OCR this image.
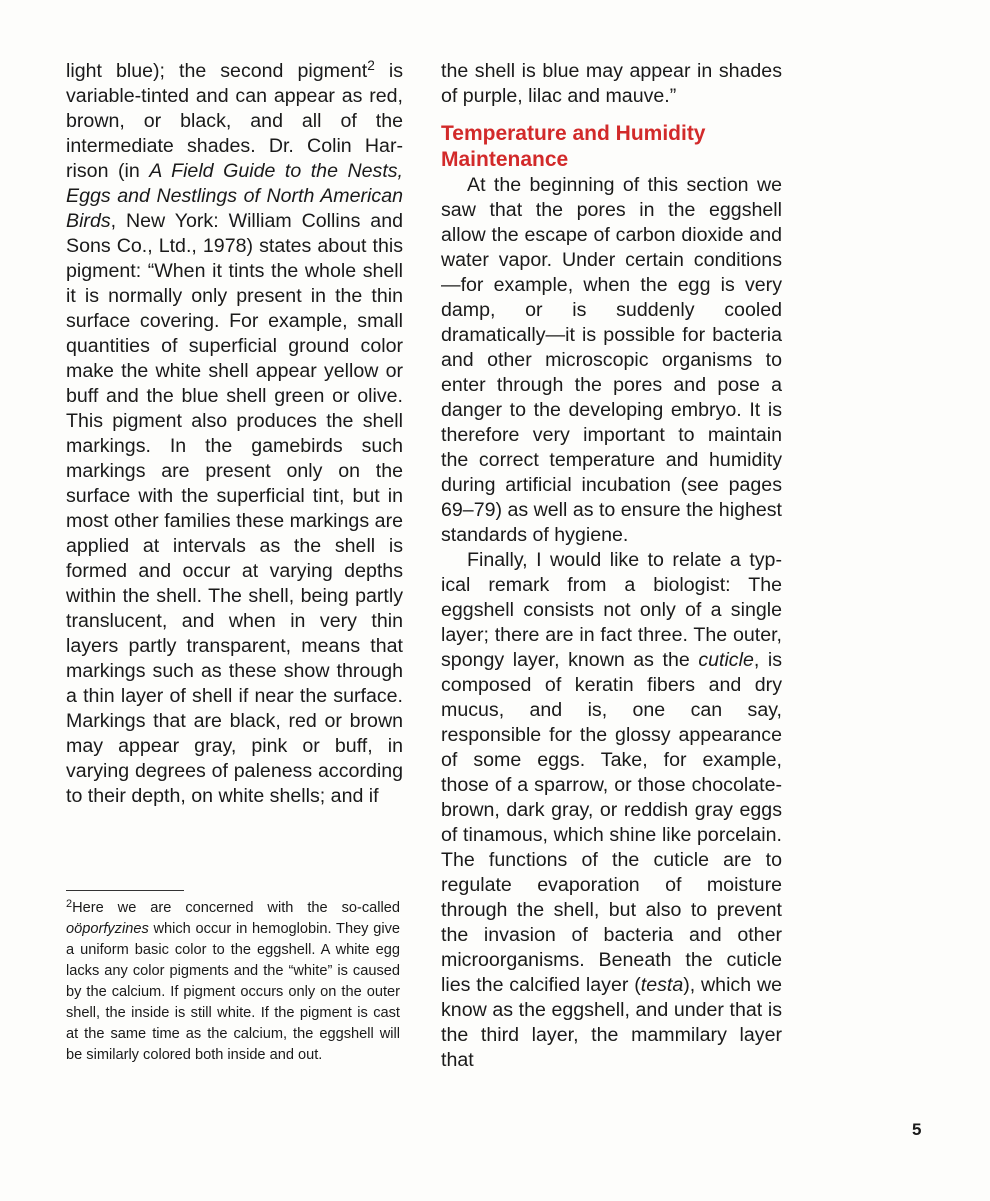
light blue); the second pigment$^2$ is variable-tinted and can appear as red, brown, or black, and all of the intermediate shades. Dr. Colin Harrison (in A Field Guide to the Nests, Eggs and Nestlings of North American Birds, New York: William Collins and Sons Co., Ltd., 1978) states about this pigment: “When it tints the whole shell it is normally only present in the thin surface covering. For example, small quantities of superficial ground color make the white shell appear yellow or buff and the blue shell green or olive. This pigment also produces the shell markings. In the gamebirds such markings are present only on the surface with the superficial tint, but in most other families these markings are applied at intervals as the shell is formed and occur at varying depths within the shell. The shell, being partly translucent, and when in very thin layers partly transparent, means that markings such as these show through a thin layer of shell if near the surface. Markings that are black, red or brown may appear gray, pink or buff, in varying degrees of paleness according to their depth, on white shells; and if

$^2$Here we are concerned with the so-called oöporfyzines which occur in hemoglobin. They give a uniform basic color to the eggshell. A white egg lacks any color pigments and the “white” is caused by the calcium. If pigment occurs only on the outer shell, the inside is still white. If the pigment is cast at the same time as the calcium, the eggshell will be similarly colored both inside and out.

the shell is blue may appear in shades of purple, lilac and mauve.”

Temperature and Humidity Maintenance

At the beginning of this section we saw that the pores in the eggshell allow the escape of carbon dioxide and water vapor. Under certain conditions—for example, when the egg is very damp, or is suddenly cooled dramatically—it is possible for bacteria and other microscopic organisms to enter through the pores and pose a danger to the developing embryo. It is therefore very important to maintain the correct temperature and humidity during artificial incubation (see pages 69–79) as well as to ensure the highest standards of hygiene.

Finally, I would like to relate a typical remark from a biologist: The eggshell consists not only of a single layer; there are in fact three. The outer, spongy layer, known as the cuticle, is composed of keratin fibers and dry mucus, and is, one can say, responsible for the glossy appearance of some eggs. Take, for example, those of a sparrow, or those chocolate-brown, dark gray, or reddish gray eggs of tinamous, which shine like porcelain. The functions of the cuticle are to regulate evaporation of moisture through the shell, but also to prevent the invasion of bacteria and other microorganisms. Beneath the cuticle lies the calcified layer (testa), which we know as the eggshell, and under that is the third layer, the mammilary layer that

5
